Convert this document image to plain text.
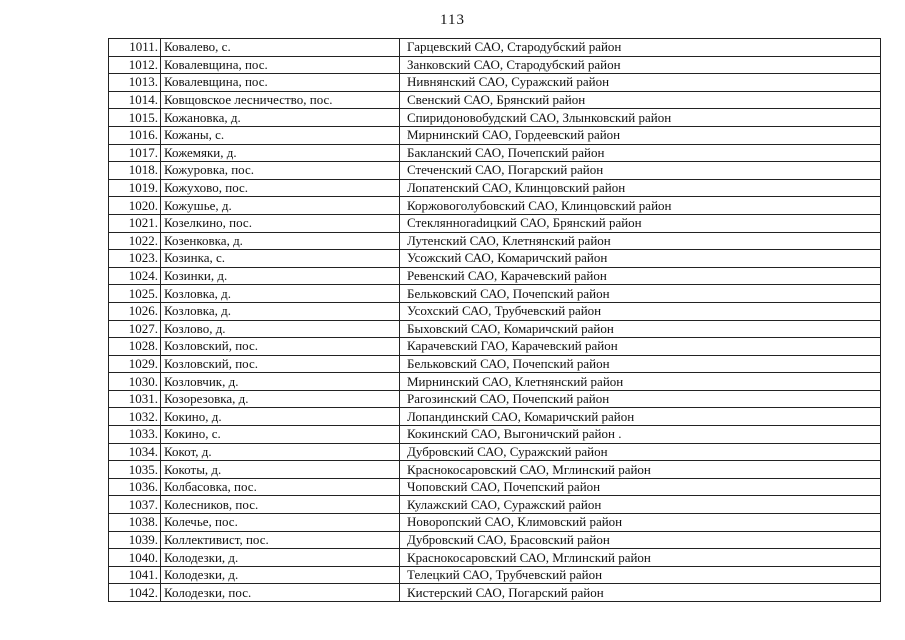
113
1011.	Ковалево, с.	Гарцевский САО, Стародубский район
1012.	Ковалевщина, пос.	Занковский САО, Стародубский район
1013.	Ковалевщина, пос.	Нивнянский САО, Суражский район
1014.	Ковщовское лесничество, пос.	Свенский САО, Брянский район
1015.	Кожановка, д.	Спиридоновобудский САО, Злынковский район
1016.	Кожаны, с.	Мирнинский САО, Гордеевский район
1017.	Кожемяки, д.	Бакланский САО, Почепский район
1018.	Кожуровка, пос.	Стеченский САО, Погарский район
1019.	Кожухово, пос.	Лопатенский САО, Клинцовский район
1020.	Кожушье, д.	Коржовоголубовский САО, Клинцовский район
1021.	Козелкино, пос.	Стеклянноradицкий САО, Брянский район
1022.	Козенковка, д.	Лутенский САО, Клетнянский район
1023.	Козинка, с.	Усожский САО, Комаричский район
1024.	Козинки, д.	Ревенский САО, Карачевский район
1025.	Козловка, д.	Бельковский САО, Почепский район
1026.	Козловка, д.	Усохский САО, Трубчевский район
1027.	Козлово, д.	Быховский САО, Комаричский район
1028.	Козловский, пос.	Карачевский ГАО, Карачевский район
1029.	Козловский, пос.	Бельковский САО, Почепский район
1030.	Козловчик, д.	Мирнинский САО, Клетнянский район
1031.	Козорезовка, д.	Рагозинский САО, Почепский район
1032.	Кокино, д.	Лопандинский САО, Комаричский район
1033.	Кокино, с.	Кокинский САО, Выгоничский район .
1034.	Кокот, д.	Дубровский САО, Суражский район
1035.	Кокоты, д.	Краснокосаровский САО, Мглинский район
1036.	Колбасовка, пос.	Чоповский САО, Почепский район
1037.	Колесников, пос.	Кулажский САО, Суражский район
1038.	Колечье, пос.	Новоропский САО, Климовский район
1039.	Коллективист, пос.	Дубровский САО, Брасовский район
1040.	Колодезки, д.	Краснокосаровский САО, Мглинский район
1041.	Колодезки, д.	Телецкий САО, Трубчевский район
1042.	Колодезки, пос.	Кистерский САО, Погарский район
